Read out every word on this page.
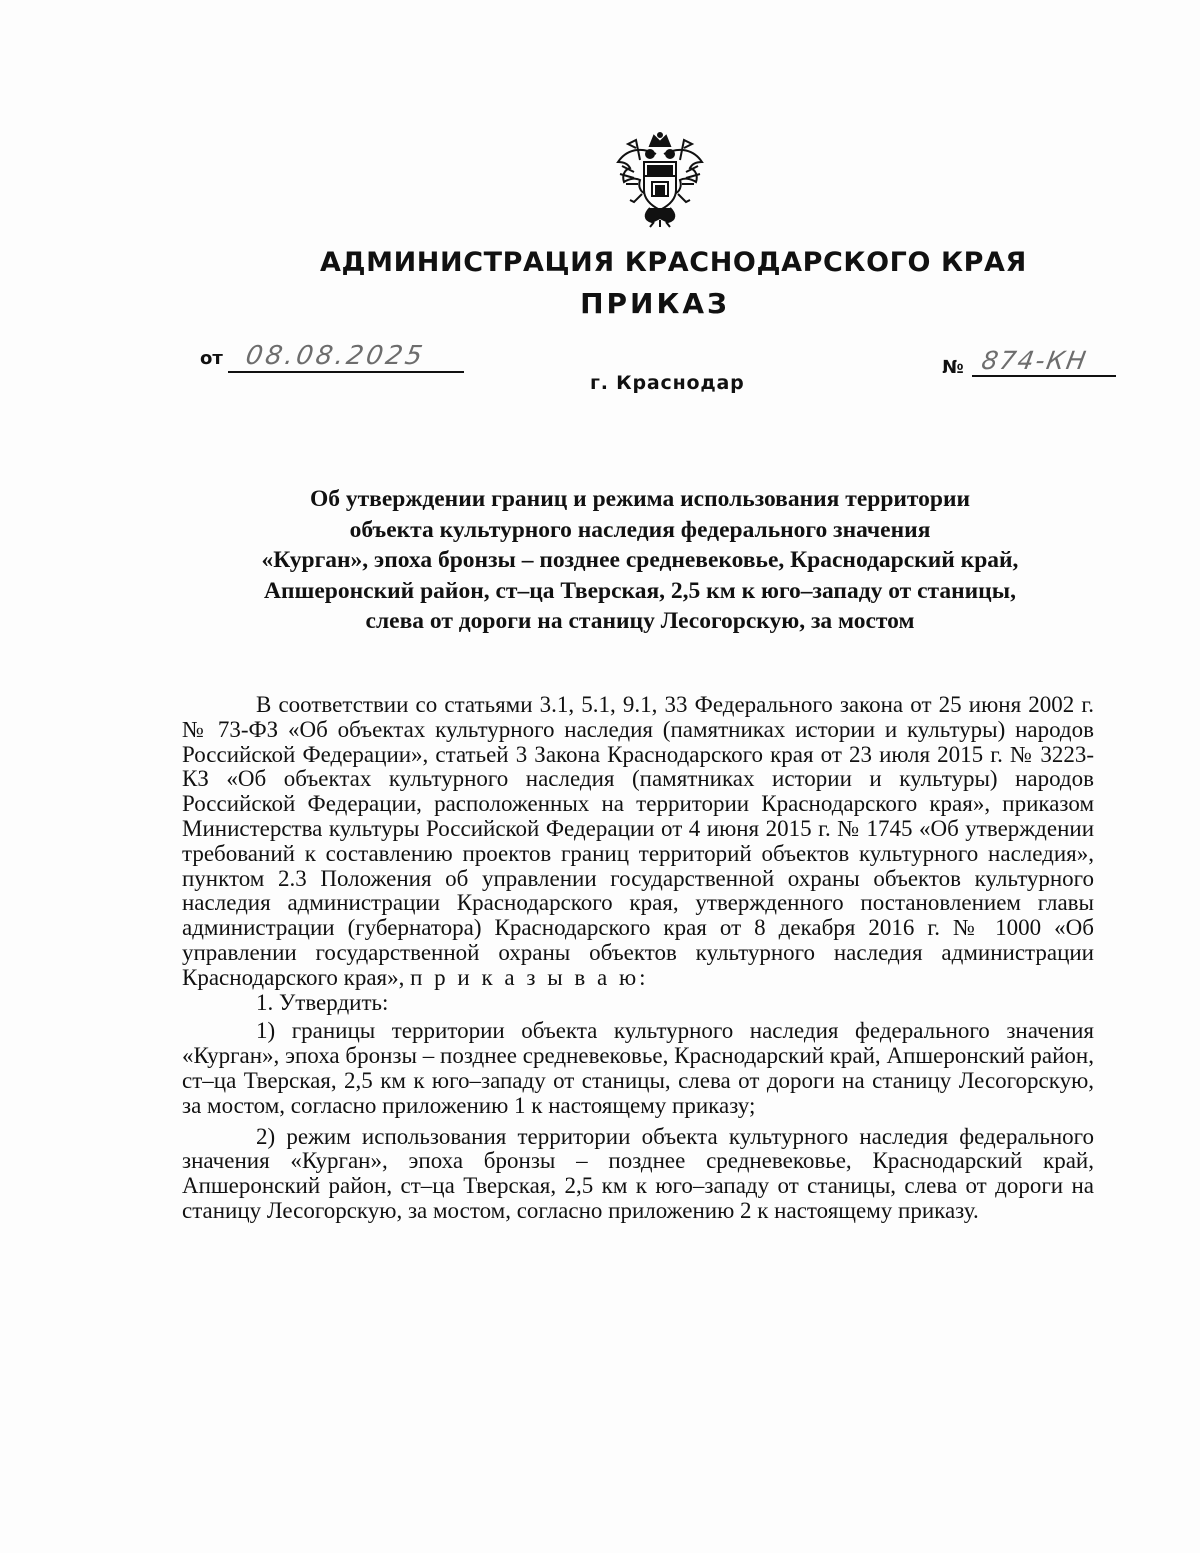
АДМИНИСТРАЦИЯ КРАСНОДАРСКОГО КРАЯ
ПРИКАЗ
от 08.08.2025
г. Краснодар
№ 874-КН
Об утверждении границ и режима использования территории
объекта культурного наследия федерального значения
«Курган», эпоха бронзы – позднее средневековье, Краснодарский край,
Апшеронский район, ст–ца Тверская, 2,5 км к юго–западу от станицы,
слева от дороги на станицу Лесогорскую, за мостом

В соответствии со статьями 3.1, 5.1, 9.1, 33 Федерального закона от 25 июня 2002 г. № 73-ФЗ «Об объектах культурного наследия (памятниках истории и культуры) народов Российской Федерации», статьей 3 Закона Краснодарского края от 23 июля 2015 г. № 3223-КЗ «Об объектах культурного наследия (памятниках истории и культуры) народов Российской Федерации, расположенных на территории Краснодарского края», приказом Министерства культуры Российской Федерации от 4 июня 2015 г. № 1745 «Об утверждении требований к составлению проектов границ территорий объектов культурного наследия», пунктом 2.3 Положения об управлении государственной охраны объектов культурного наследия администрации Краснодарского края, утвержденного постановлением главы администрации (губернатора) Краснодарского края от 8 декабря 2016 г. № 1000 «Об управлении государственной охраны объектов культурного наследия администрации Краснодарского края», п р и к а з ы в а ю:

1. Утвердить:

1) границы территории объекта культурного наследия федерального значения «Курган», эпоха бронзы – позднее средневековье, Краснодарский край, Апшеронский район, ст–ца Тверская, 2,5 км к юго–западу от станицы, слева от дороги на станицу Лесогорскую, за мостом, согласно приложению 1 к настоящему приказу;

2) режим использования территории объекта культурного наследия федерального значения «Курган», эпоха бронзы – позднее средневековье, Краснодарский край, Апшеронский район, ст–ца Тверская, 2,5 км к юго–западу от станицы, слева от дороги на станицу Лесогорскую, за мостом, согласно приложению 2 к настоящему приказу.
